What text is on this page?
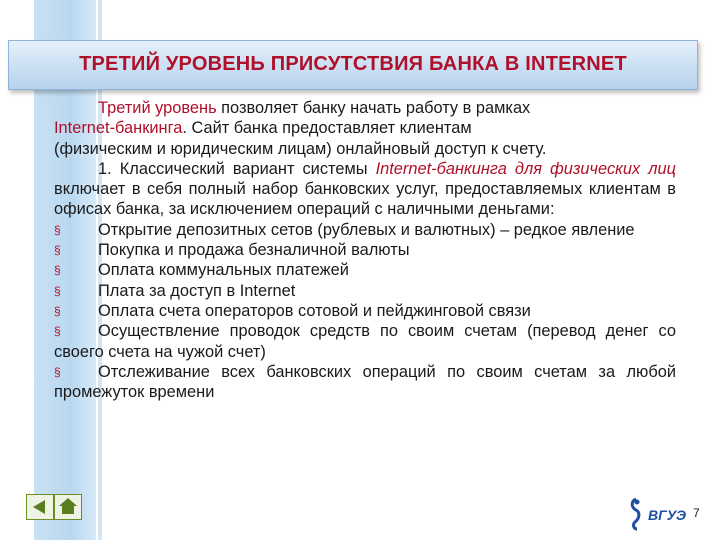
ТРЕТИЙ УРОВЕНЬ ПРИСУТСТВИЯ БАНКА В INTERNET

Третий уровень позволяет банку начать работу в рамках
Internet-банкинга. Сайт банка предоставляет клиентам
(физическим и юридическим лицам) онлайновый доступ к счету.

1. Классический вариант системы Internet-банкинга для физических лиц включает в себя полный набор банковских услуг, предоставляемых клиентам в офисах банка, за исключением операций с наличными деньгами:

§ Открытие депозитных сетов (рублевых и валютных) – редкое явление

§ Покупка и продажа безналичной валюты

§ Оплата коммунальных платежей

§ Плата за доступ в Internet

§ Оплата счета операторов сотовой и пейджинговой связи

§ Осуществление проводок средств по своим счетам (перевод денег со своего счета на чужой счет)

§ Отслеживание всех банковских операций по своим счетам за любой промежуток времени

ВГУЭ 7
